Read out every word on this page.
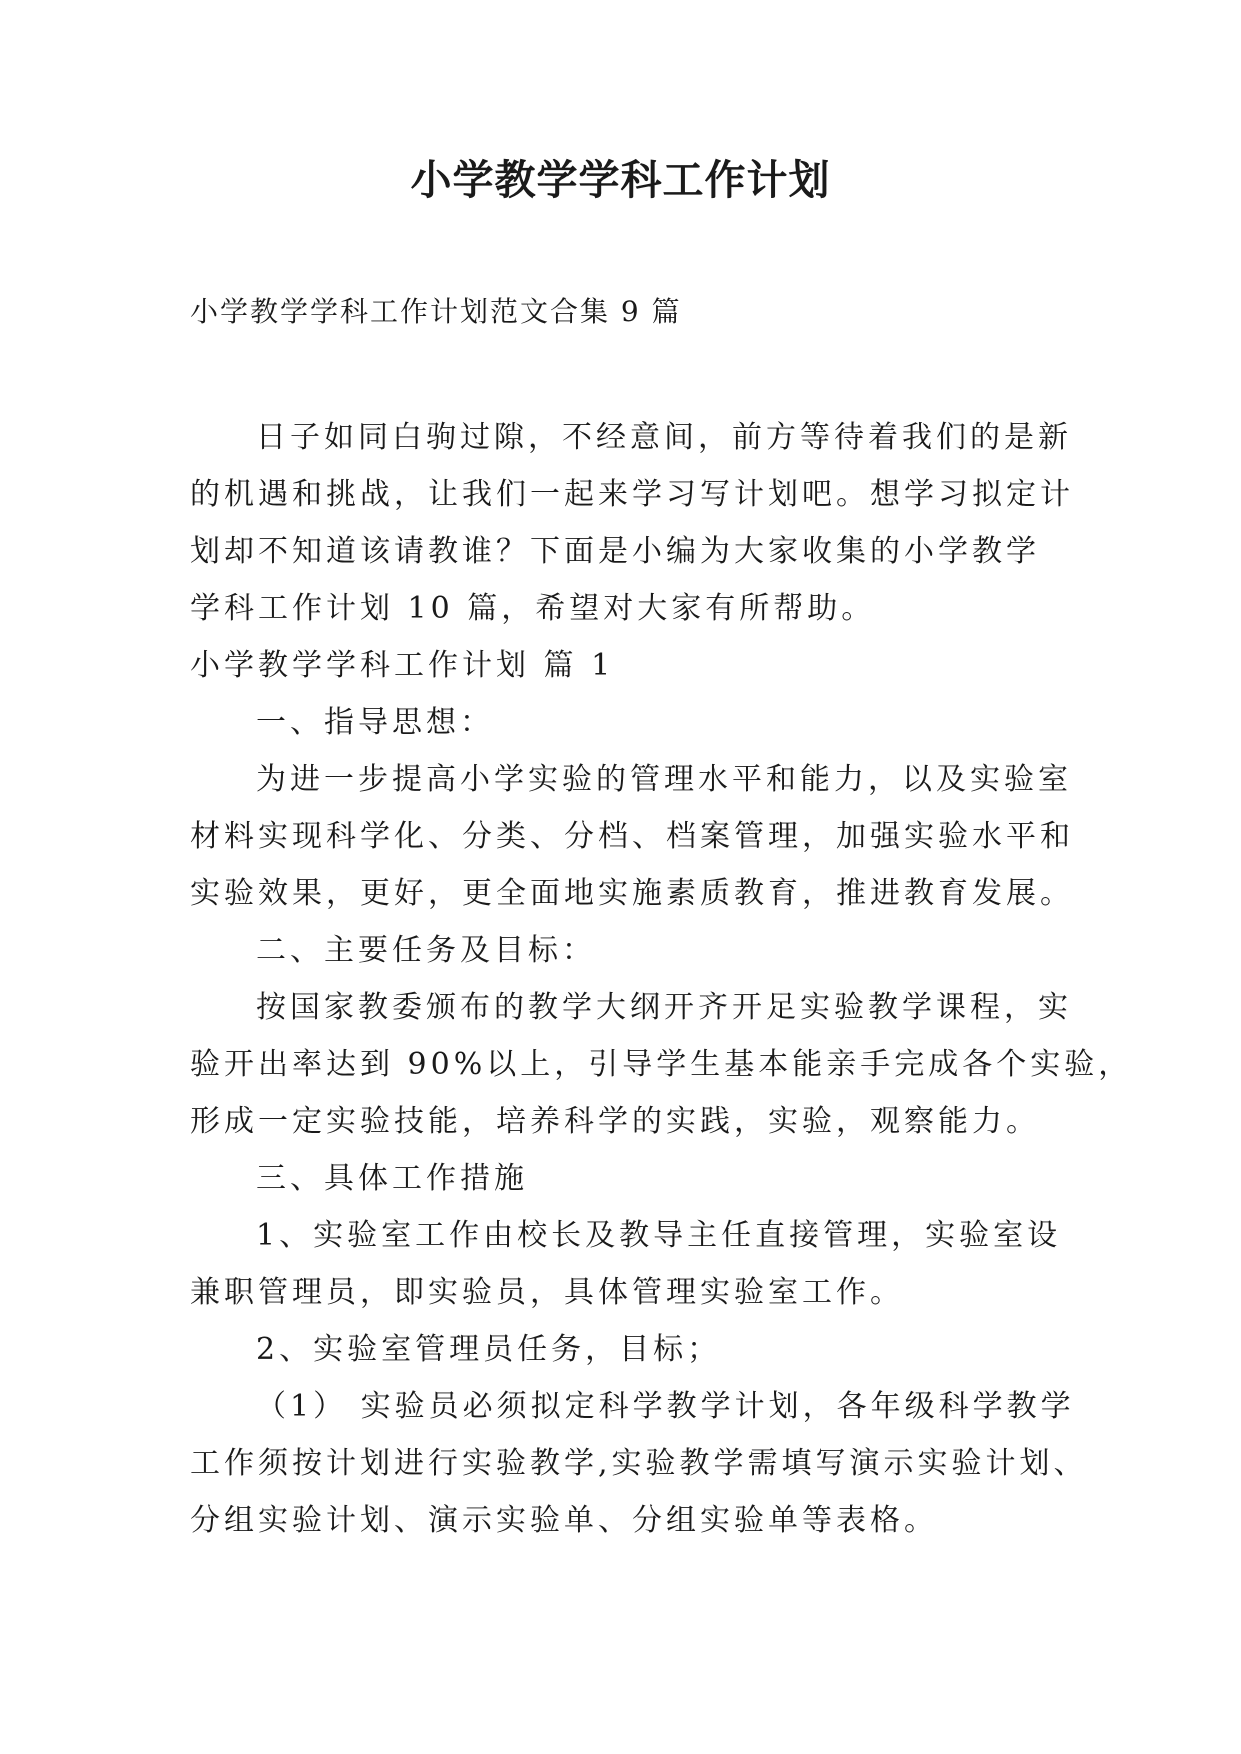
小学教学学科工作计划
小学教学学科工作计划范文合集 9 篇
日子如同白驹过隙，不经意间，前方等待着我们的是新
的机遇和挑战，让我们一起来学习写计划吧。想学习拟定计
划却不知道该请教谁？下面是小编为大家收集的小学教学
学科工作计划 10 篇，希望对大家有所帮助。
小学教学学科工作计划 篇 1
一、指导思想：
为进一步提高小学实验的管理水平和能力，以及实验室
材料实现科学化、分类、分档、档案管理，加强实验水平和
实验效果，更好，更全面地实施素质教育，推进教育发展。
二、主要任务及目标：
按国家教委颁布的教学大纲开齐开足实验教学课程，实
验开出率达到 90%以上，引导学生基本能亲手完成各个实验，
形成一定实验技能，培养科学的实践，实验，观察能力。
三、具体工作措施
1、实验室工作由校长及教导主任直接管理，实验室设
兼职管理员，即实验员，具体管理实验室工作。
2、实验室管理员任务，目标；
（1） 实验员必须拟定科学教学计划，各年级科学教学
工作须按计划进行实验教学,实验教学需填写演示实验计划、
分组实验计划、演示实验单、分组实验单等表格。
